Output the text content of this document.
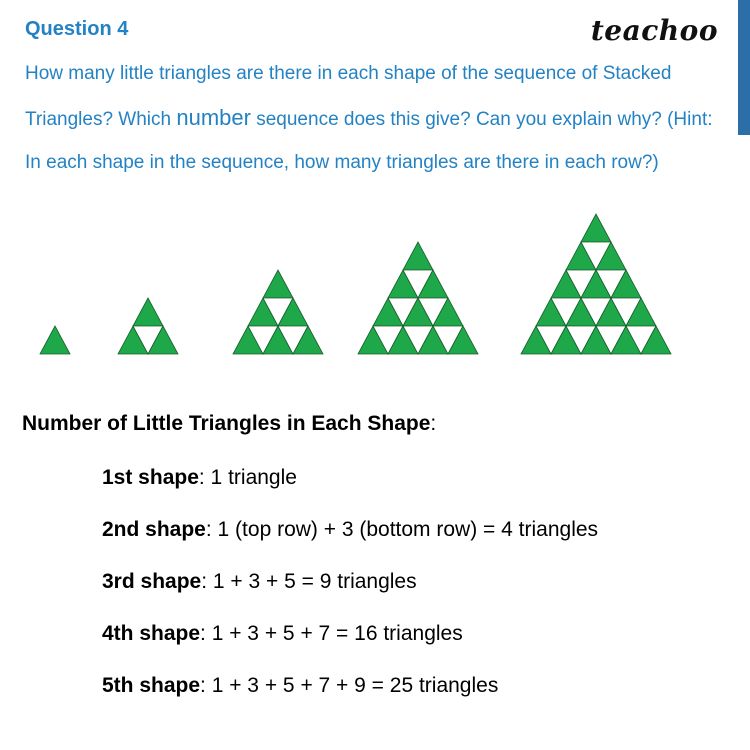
Question 4	teachoo

How many little triangles are there in each shape of the sequence of Stacked Triangles? Which number sequence does this give? Can you explain why? (Hint: In each shape in the sequence, how many triangles are there in each row?)

Number of Little Triangles in Each Shape:
1st shape: 1 triangle
2nd shape: 1 (top row) + 3 (bottom row) = 4 triangles
3rd shape: 1 + 3 + 5 = 9 triangles
4th shape: 1 + 3 + 5 + 7 = 16 triangles
5th shape: 1 + 3 + 5 + 7 + 9 = 25 triangles
